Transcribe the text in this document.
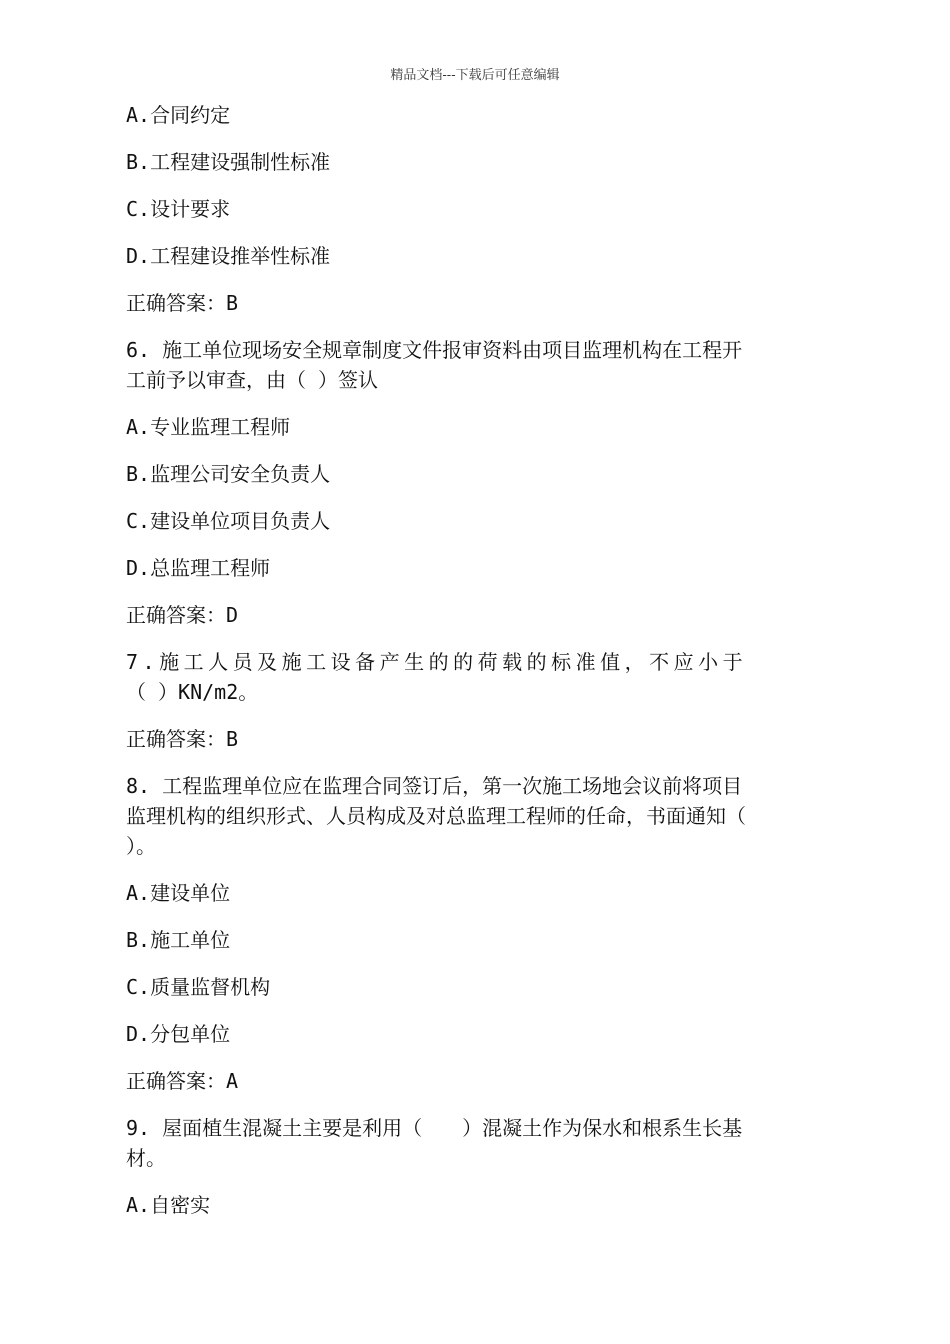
精品文档---下载后可任意编辑
A.合同约定
B.工程建设强制性标准
C.设计要求
D.工程建设推举性标准
正确答案：B
6. 施工单位现场安全规章制度文件报审资料由项目监理机构在工程开
工前予以审查，由（ ）签认
A.专业监理工程师
B.监理公司安全负责人
C.建设单位项目负责人
D.总监理工程师
正确答案：D
7.施工人员及施工设备产生的的荷载的标准值，不应小于
（ ）KN/m2。
正确答案：B
8. 工程监理单位应在监理合同签订后，第一次施工场地会议前将项目
监理机构的组织形式、人员构成及对总监理工程师的任命，书面通知（
）。
A.建设单位
B.施工单位
C.质量监督机构
D.分包单位
正确答案：A
9. 屋面植生混凝土主要是利用（　　）混凝土作为保水和根系生长基
材。
A.自密实
